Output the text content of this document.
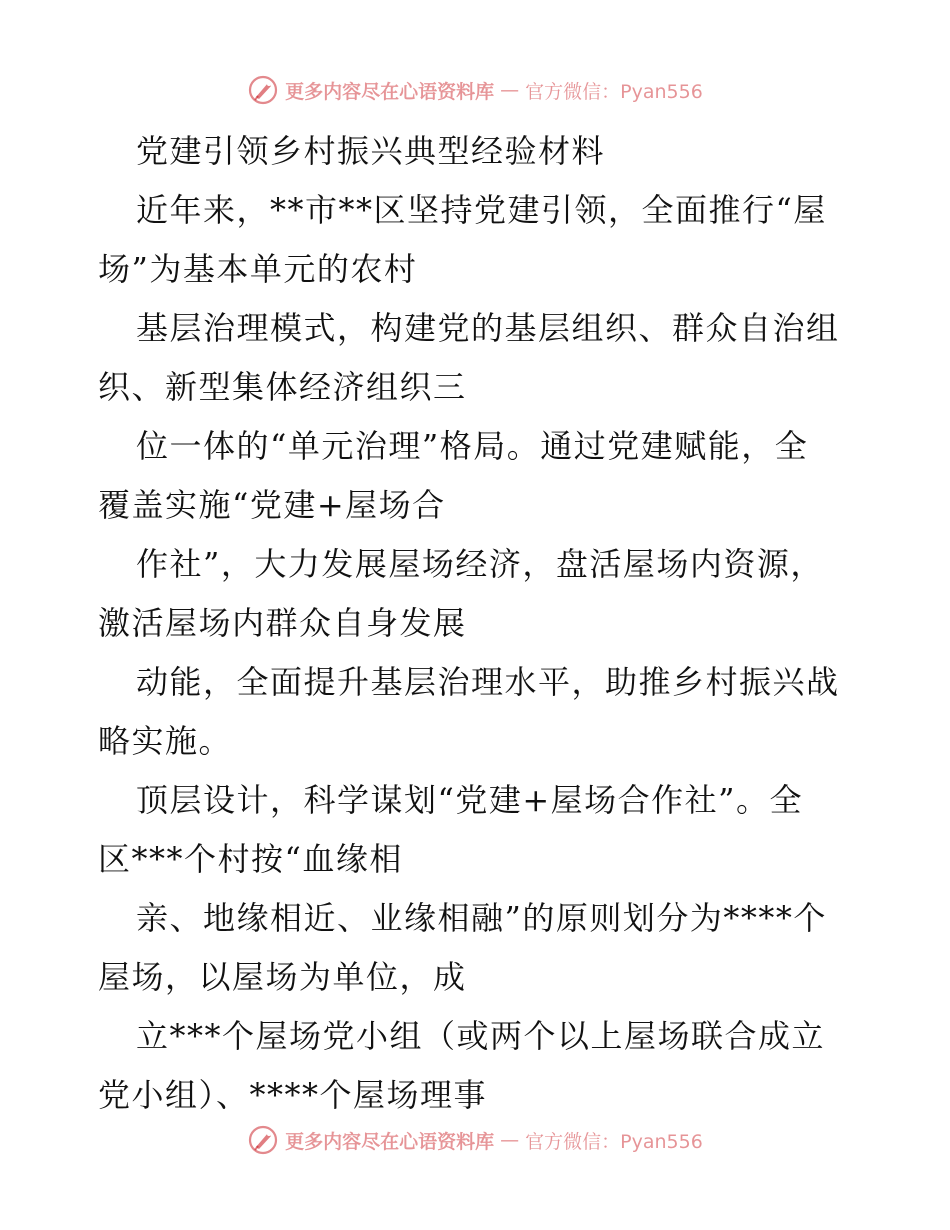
更多内容尽在心语资料库 — 官方微信：Pyan556
党建引领乡村振兴典型经验材料
近年来，**市**区坚持党建引领，全面推行“屋
场”为基本单元的农村
基层治理模式，构建党的基层组织、群众自治组
织、新型集体经济组织三
位一体的“单元治理”格局。通过党建赋能，全
覆盖实施“党建+屋场合
作社”，大力发展屋场经济，盘活屋场内资源，
激活屋场内群众自身发展
动能，全面提升基层治理水平，助推乡村振兴战
略实施。
顶层设计，科学谋划“党建+屋场合作社”。全
区***个村按“血缘相
亲、地缘相近、业缘相融”的原则划分为****个
屋场，以屋场为单位，成
立***个屋场党小组（或两个以上屋场联合成立
党小组）、****个屋场理事
更多内容尽在心语资料库 — 官方微信：Pyan556
